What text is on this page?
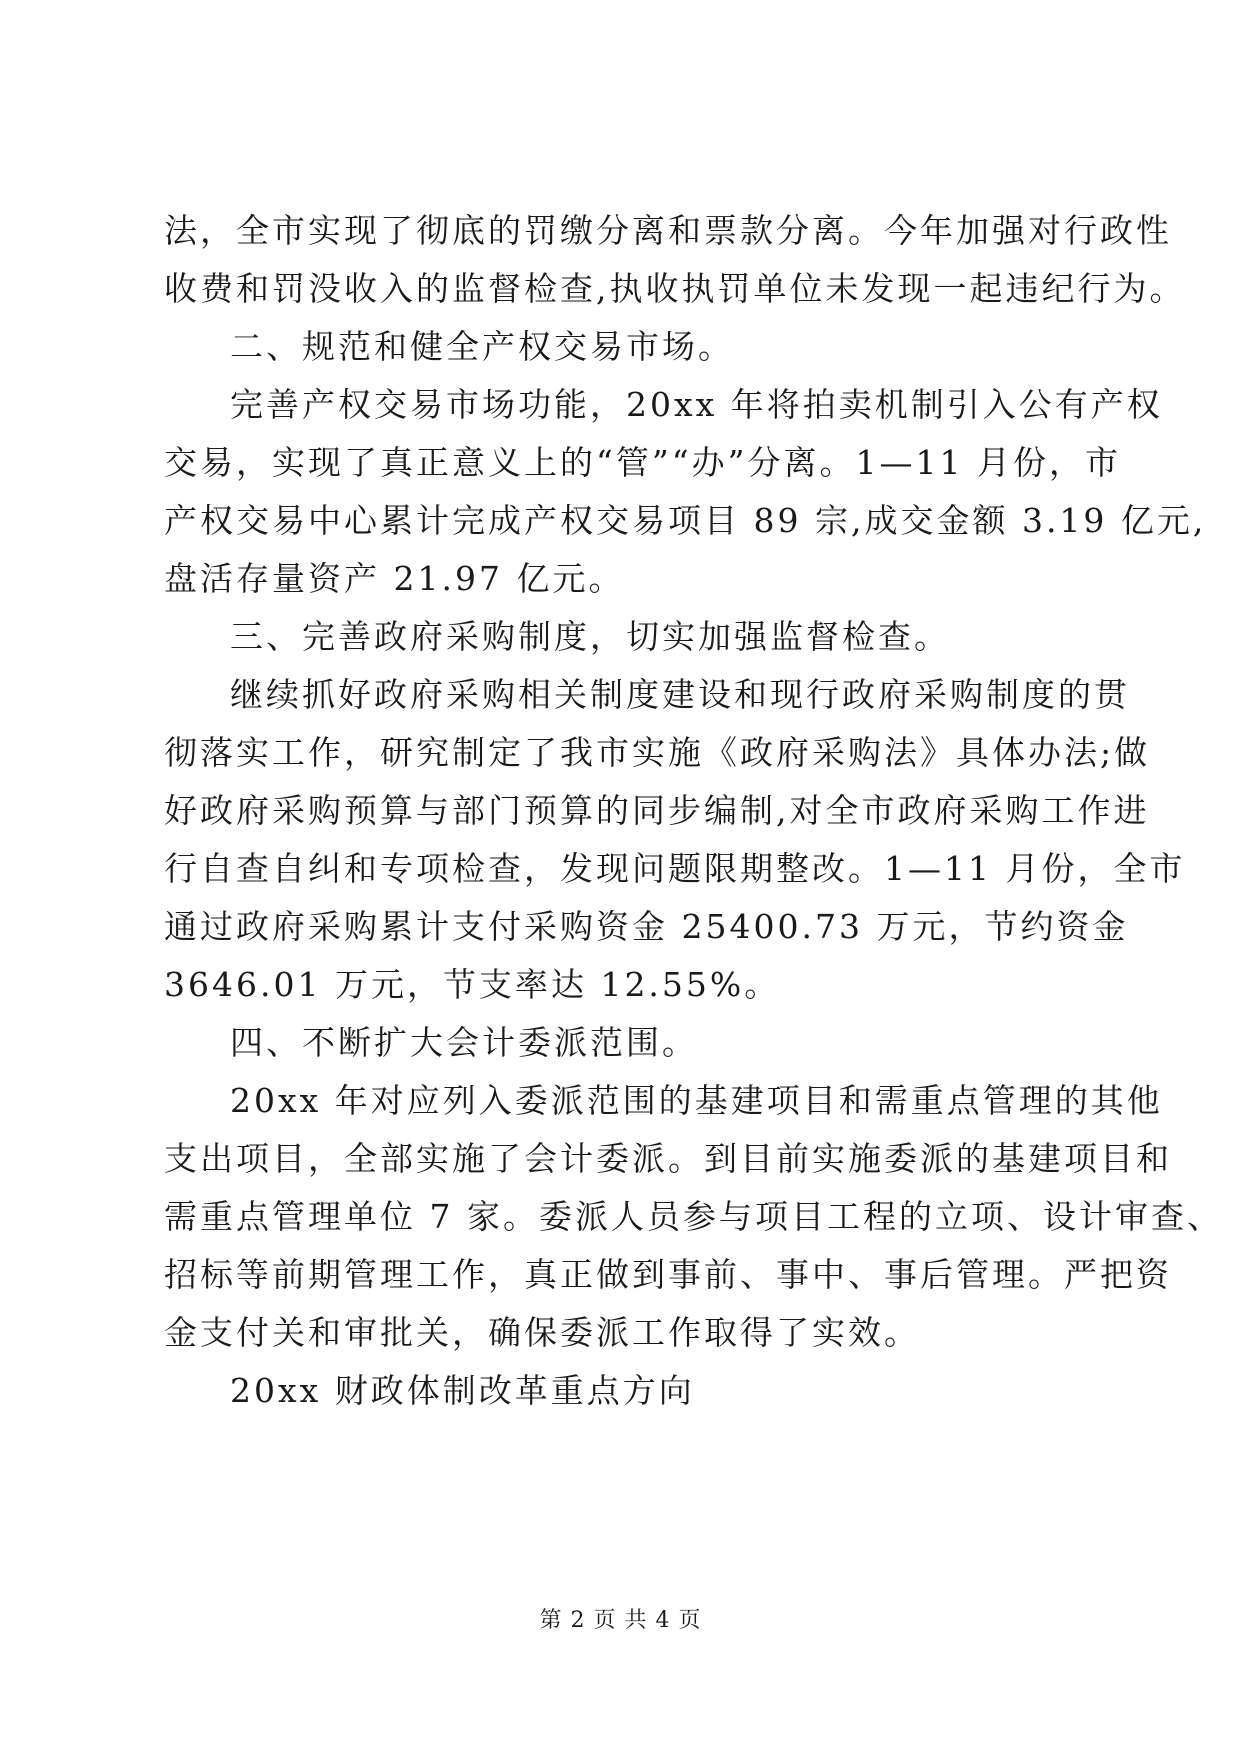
法，全市实现了彻底的罚缴分离和票款分离。今年加强对行政性
收费和罚没收入的监督检查,执收执罚单位未发现一起违纪行为。
二、规范和健全产权交易市场。
完善产权交易市场功能，20xx 年将拍卖机制引入公有产权
交易，实现了真正意义上的“管”“办”分离。1—11 月份，市
产权交易中心累计完成产权交易项目 89 宗,成交金额 3.19 亿元,
盘活存量资产 21.97 亿元。
三、完善政府采购制度，切实加强监督检查。
继续抓好政府采购相关制度建设和现行政府采购制度的贯
彻落实工作，研究制定了我市实施《政府采购法》具体办法;做
好政府采购预算与部门预算的同步编制,对全市政府采购工作进
行自查自纠和专项检查，发现问题限期整改。1—11 月份，全市
通过政府采购累计支付采购资金 25400.73 万元，节约资金
3646.01 万元，节支率达 12.55%。
四、不断扩大会计委派范围。
20xx 年对应列入委派范围的基建项目和需重点管理的其他
支出项目，全部实施了会计委派。到目前实施委派的基建项目和
需重点管理单位 7 家。委派人员参与项目工程的立项、设计审查、
招标等前期管理工作，真正做到事前、事中、事后管理。严把资
金支付关和审批关，确保委派工作取得了实效。
20xx 财政体制改革重点方向
第 2 页 共 4 页
